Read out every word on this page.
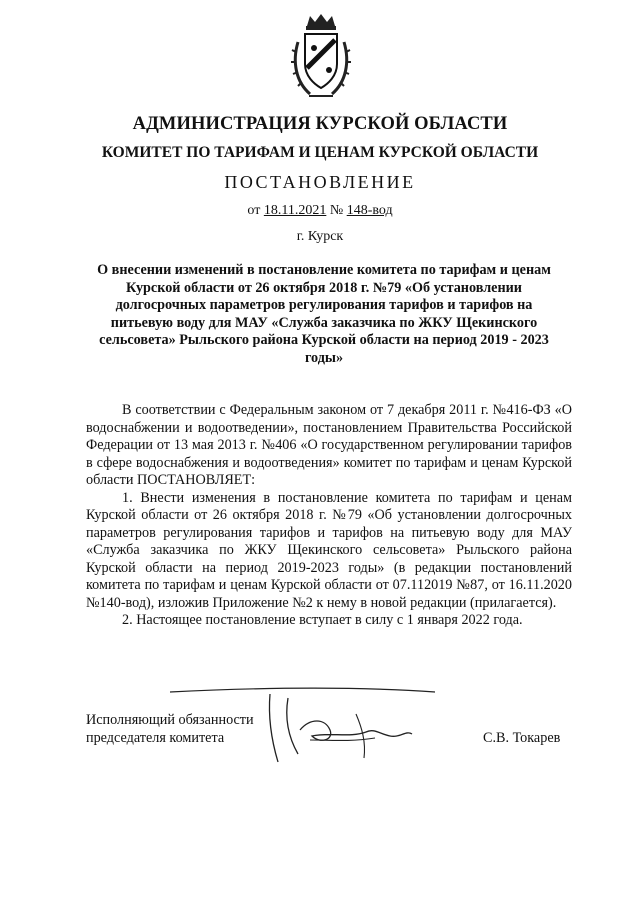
АДМИНИСТРАЦИЯ КУРСКОЙ ОБЛАСТИ
КОМИТЕТ ПО ТАРИФАМ И ЦЕНАМ КУРСКОЙ ОБЛАСТИ
ПОСТАНОВЛЕНИЕ
от 18.11.2021 № 148-вод
г. Курск
О внесении изменений в постановление комитета по тарифам и ценам Курской области от 26 октября 2018 г. №79 «Об установлении долгосрочных параметров регулирования тарифов и тарифов на питьевую воду для МАУ «Служба заказчика по ЖКУ Щекинского сельсовета» Рыльского района Курской области на период 2019 - 2023 годы»

В соответствии с Федеральным законом от 7 декабря 2011 г. №416-ФЗ «О водоснабжении и водоотведении», постановлением Правительства Российской Федерации от 13 мая 2013 г. №406 «О государственном регулировании тарифов в сфере водоснабжения и водоотведения» комитет по тарифам и ценам Курской области ПОСТАНОВЛЯЕТ:

1. Внести изменения в постановление комитета по тарифам и ценам Курской области от 26 октября 2018 г. №79 «Об установлении долгосрочных параметров регулирования тарифов и тарифов на питьевую воду для МАУ «Служба заказчика по ЖКУ Щекинского сельсовета» Рыльского района Курской области на период 2019-2023 годы» (в редакции постановлений комитета по тарифам и ценам Курской области от 07.112019 №87, от 16.11.2020 №140-вод), изложив Приложение №2 к нему в новой редакции (прилагается).

2. Настоящее постановление вступает в силу с 1 января 2022 года.

Исполняющий обязанности
председателя комитета	С.В. Токарев
